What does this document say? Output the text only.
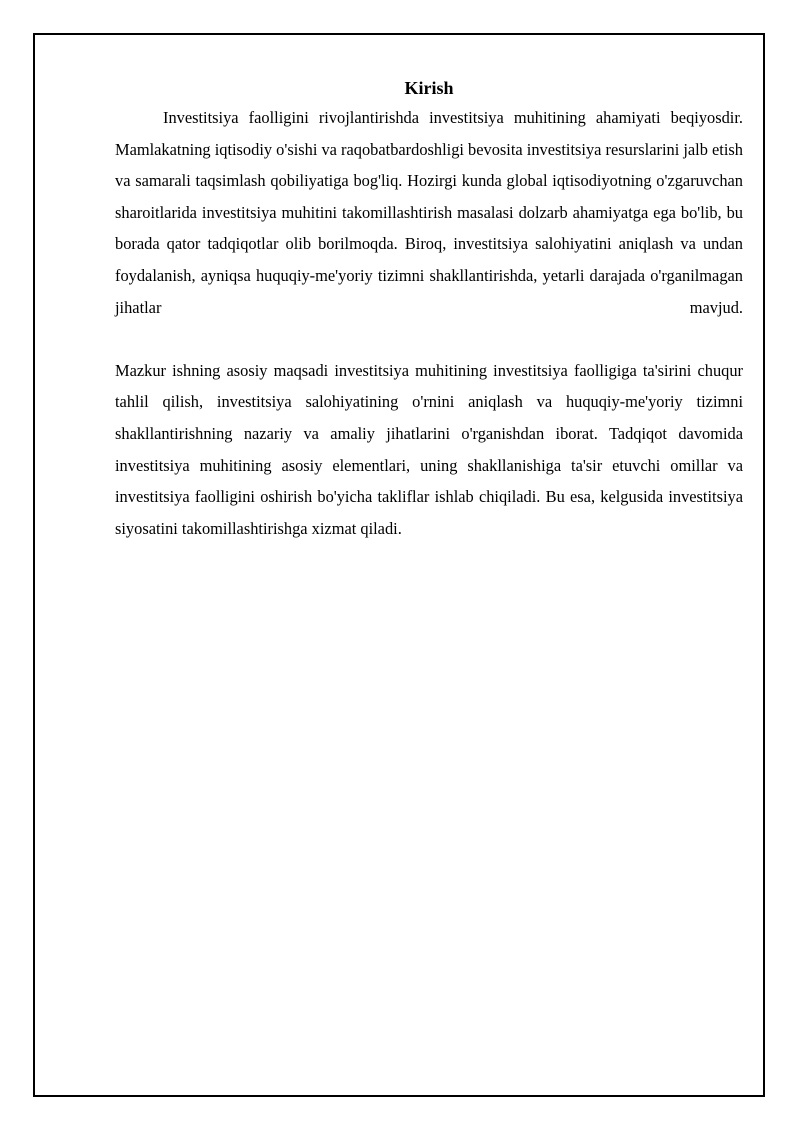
Kirish

Investitsiya faolligini rivojlantirishda investitsiya muhitining ahamiyati beqiyosdir. Mamlakatning iqtisodiy o'sishi va raqobatbardoshligi bevosita investitsiya resurslarini jalb etish va samarali taqsimlash qobiliyatiga bog'liq. Hozirgi kunda global iqtisodiyotning o'zgaruvchan sharoitlarida investitsiya muhitini takomillashtirish masalasi dolzarb ahamiyatga ega bo'lib, bu borada qator tadqiqotlar olib borilmoqda. Biroq, investitsiya salohiyatini aniqlash va undan foydalanish, ayniqsa huquqiy-me'yoriy tizimni shakllantirishda, yetarli darajada o'rganilmagan jihatlar mavjud.

Mazkur ishning asosiy maqsadi investitsiya muhitining investitsiya faolligiga ta'sirini chuqur tahlil qilish, investitsiya salohiyatining o'rnini aniqlash va huquqiy-me'yoriy tizimni shakllantirishning nazariy va amaliy jihatlarini o'rganishdan iborat. Tadqiqot davomida investitsiya muhitining asosiy elementlari, uning shakllanishiga ta'sir etuvchi omillar va investitsiya faolligini oshirish bo'yicha takliflar ishlab chiqiladi. Bu esa, kelgusida investitsiya siyosatini takomillashtirishga xizmat qiladi.
